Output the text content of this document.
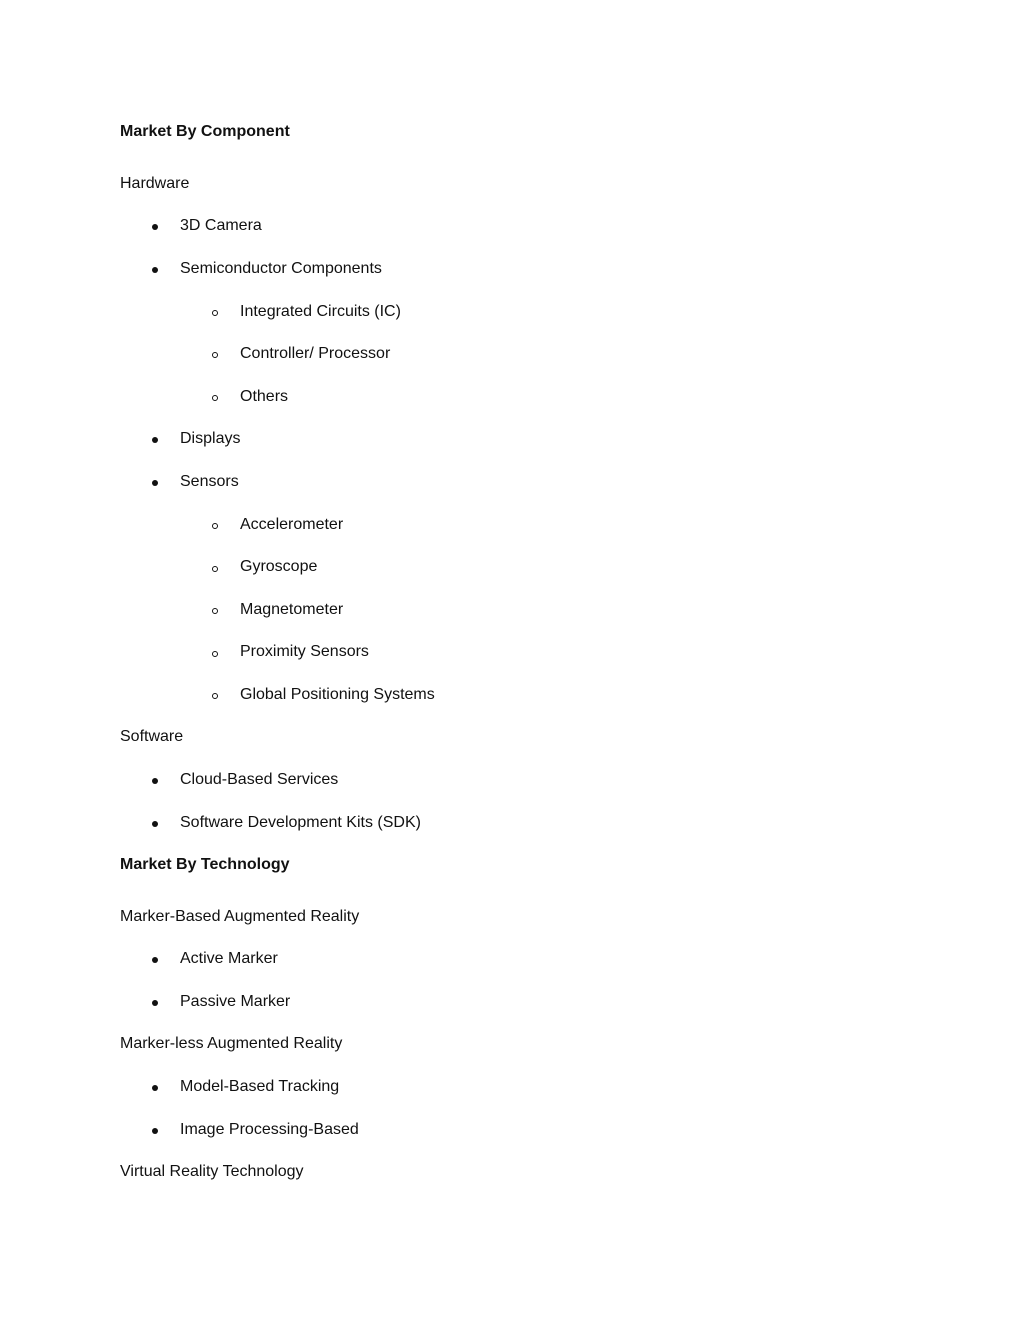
Market By Component
Hardware
3D Camera
Semiconductor Components
Integrated Circuits (IC)
Controller/ Processor
Others
Displays
Sensors
Accelerometer
Gyroscope
Magnetometer
Proximity Sensors
Global Positioning Systems
Software
Cloud-Based Services
Software Development Kits (SDK)
Market By Technology
Marker-Based Augmented Reality
Active Marker
Passive Marker
Marker-less Augmented Reality
Model-Based Tracking
Image Processing-Based
Virtual Reality Technology
